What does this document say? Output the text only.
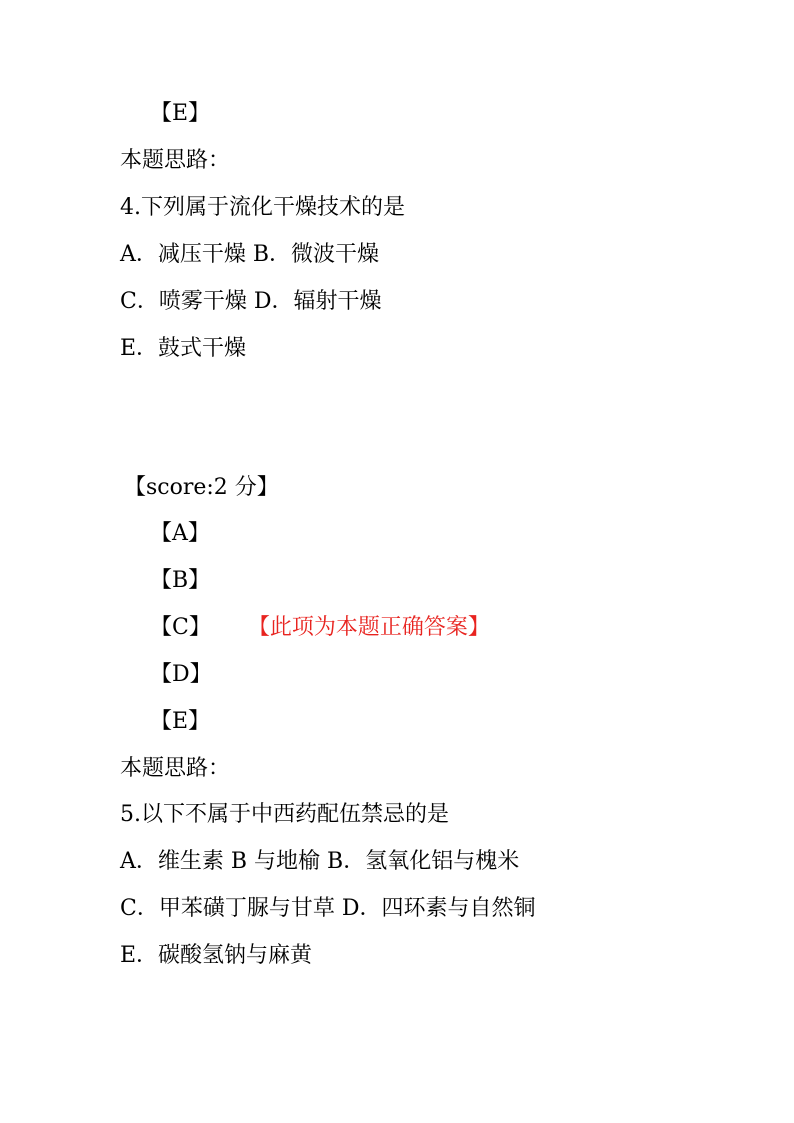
【E】
本题思路：
4.下列属于流化干燥技术的是
A．减压干燥 B．微波干燥
C．喷雾干燥 D．辐射干燥
E．鼓式干燥
【score:2 分】
【A】
【B】
【C】 【此项为本题正确答案】
【D】
【E】
本题思路：
5.以下不属于中西药配伍禁忌的是
A．维生素 B 与地榆 B．氢氧化铝与槐米
C．甲苯磺丁脲与甘草 D．四环素与自然铜
E．碳酸氢钠与麻黄
